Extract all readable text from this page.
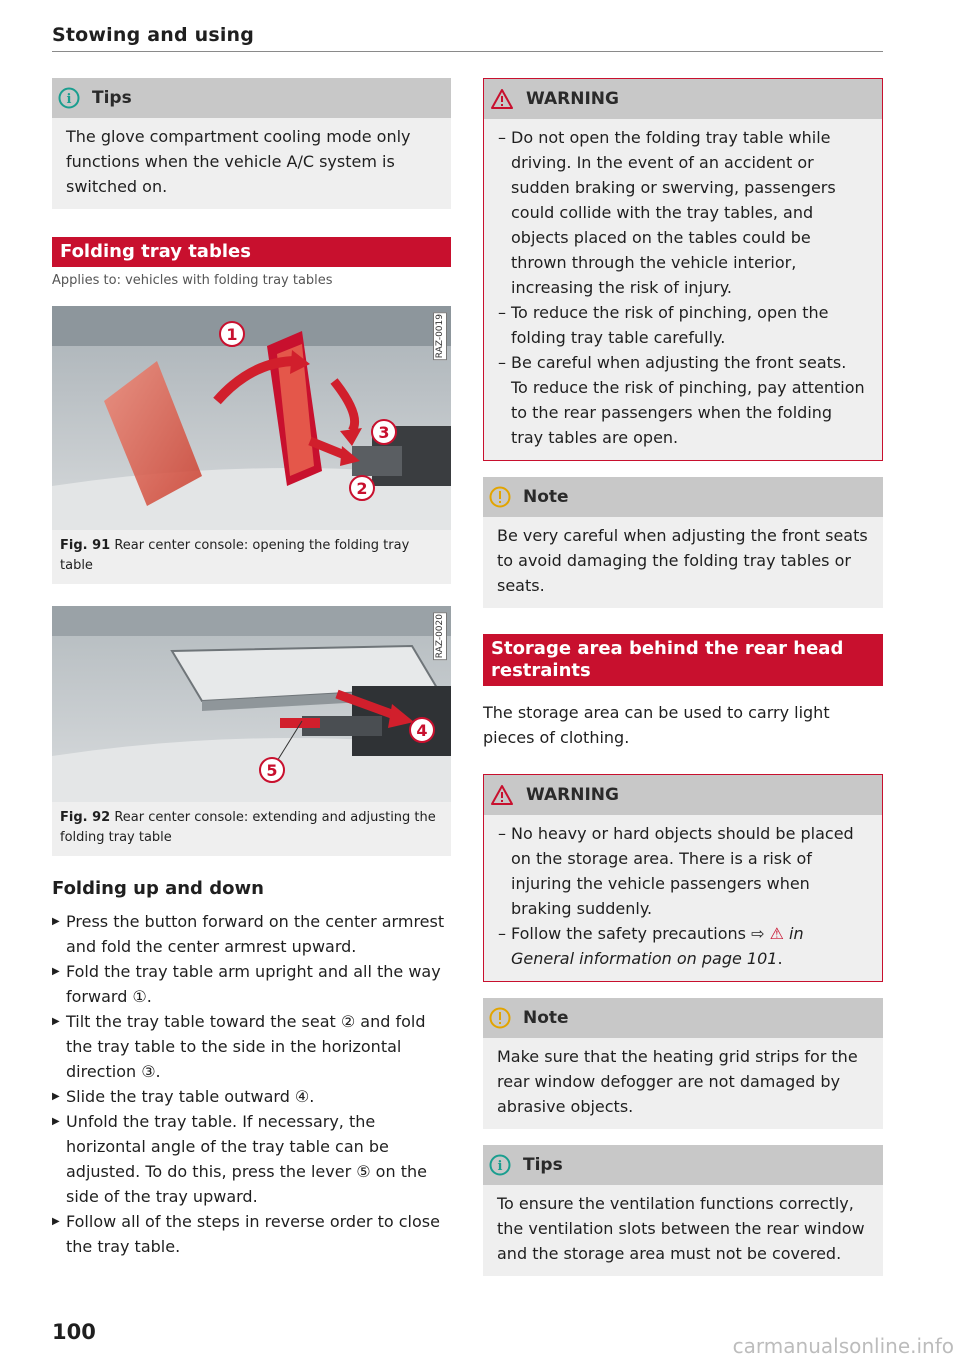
Stowing and using
i Tips
The glove compartment cooling mode only functions when the vehicle A/C system is switched on.
Folding tray tables
Applies to: vehicles with folding tray tables
1
2
3
RAZ-0019
Fig. 91 Rear center console: opening the folding tray table
4
5
RAZ-0020
Fig. 92 Rear center console: extending and adjusting the folding tray table
Folding up and down
▶ Press the button forward on the center armrest and fold the center armrest upward.
▶ Fold the tray table arm upright and all the way forward ①.
▶ Tilt the tray table toward the seat ② and fold the tray table to the side in the horizontal direction ③.
▶ Slide the tray table outward ④.
▶ Unfold the tray table. If necessary, the horizontal angle of the tray table can be adjusted. To do this, press the lever ⑤ on the side of the tray upward.
▶ Follow all of the steps in reverse order to close the tray table.
WARNING
– Do not open the folding tray table while driving. In the event of an accident or sudden braking or swerving, passengers could collide with the tray tables, and objects placed on the tables could be thrown through the vehicle interior, increasing the risk of injury.
– To reduce the risk of pinching, open the folding tray table carefully.
– Be careful when adjusting the front seats. To reduce the risk of pinching, pay attention to the rear passengers when the folding tray tables are open.
Note
Be very careful when adjusting the front seats to avoid damaging the folding tray tables or seats.
Storage area behind the rear head restraints

The storage area can be used to carry light pieces of clothing.

WARNING
– No heavy or hard objects should be placed on the storage area. There is a risk of injuring the vehicle passengers when braking suddenly.
– Follow the safety precautions ⇨ ⚠ in General information on page 101.
Note
Make sure that the heating grid strips for the rear window defogger are not damaged by abrasive objects.
i Tips
To ensure the ventilation functions correctly, the ventilation slots between the rear window and the storage area must not be covered.
100
carmanualsonline.info
